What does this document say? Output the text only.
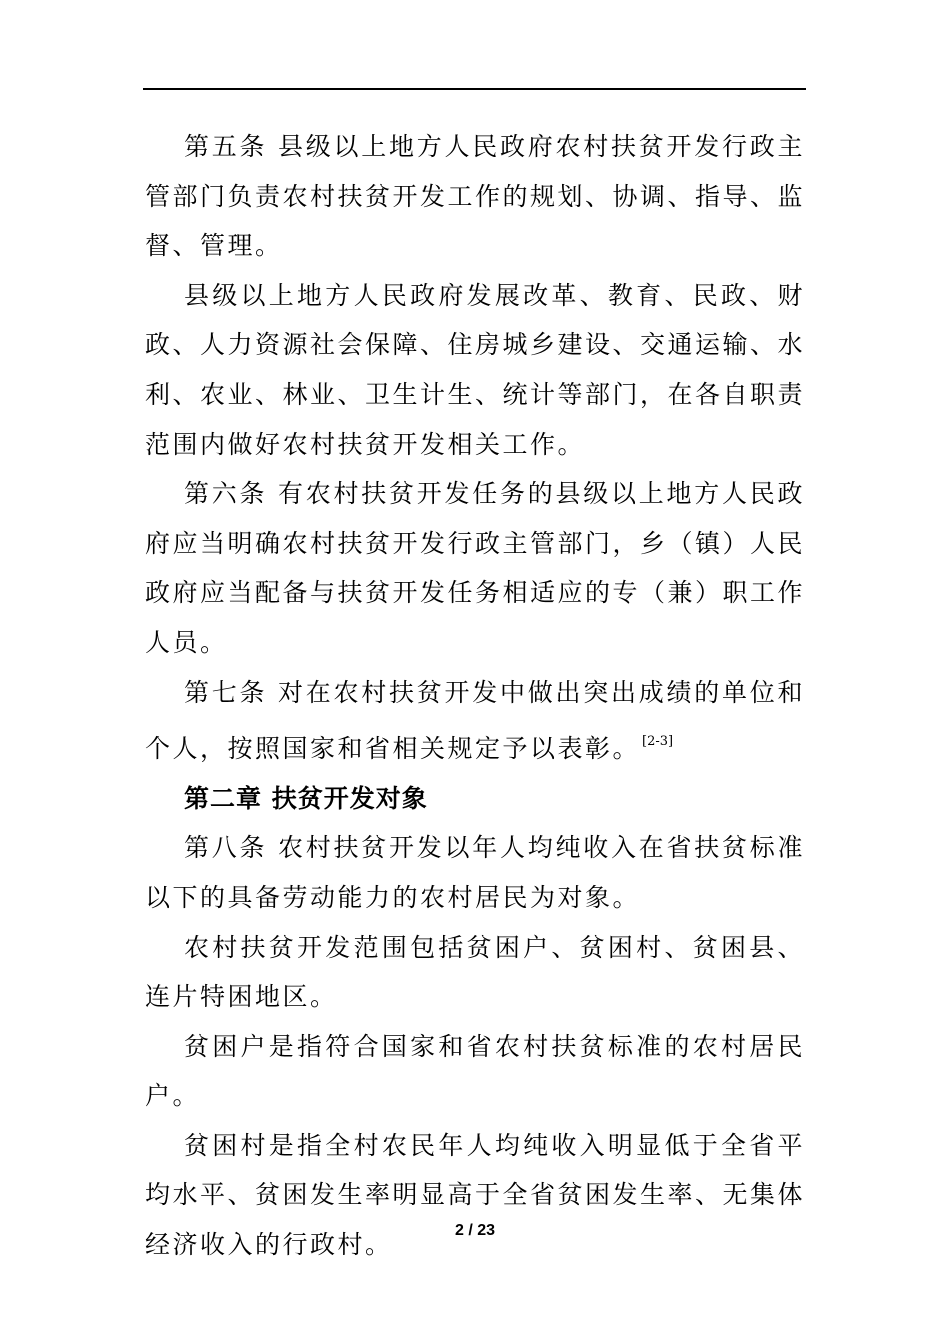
第五条 县级以上地方人民政府农村扶贫开发行政主管部门负责农村扶贫开发工作的规划、协调、指导、监督、管理。

县级以上地方人民政府发展改革、教育、民政、财政、人力资源社会保障、住房城乡建设、交通运输、水利、农业、林业、卫生计生、统计等部门，在各自职责范围内做好农村扶贫开发相关工作。

第六条 有农村扶贫开发任务的县级以上地方人民政府应当明确农村扶贫开发行政主管部门，乡（镇）人民政府应当配备与扶贫开发任务相适应的专（兼）职工作人员。

第七条 对在农村扶贫开发中做出突出成绩的单位和个人，按照国家和省相关规定予以表彰。 [2-3]

第二章 扶贫开发对象

第八条 农村扶贫开发以年人均纯收入在省扶贫标准以下的具备劳动能力的农村居民为对象。

农村扶贫开发范围包括贫困户、贫困村、贫困县、连片特困地区。

贫困户是指符合国家和省农村扶贫标准的农村居民户。

贫困村是指全村农民年人均纯收入明显低于全省平均水平、贫困发生率明显高于全省贫困发生率、无集体经济收入的行政村。	2 / 23
